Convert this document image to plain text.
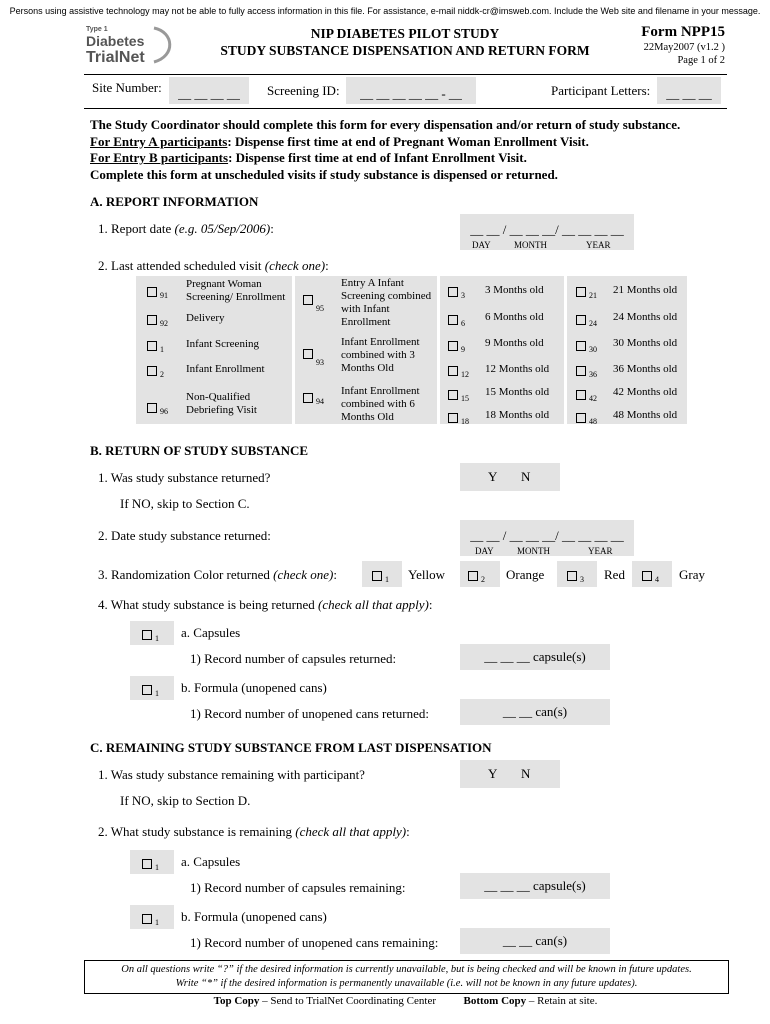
Persons using assistive technology may not be able to fully access information in this file. For assistance, e-mail niddk-cr@imsweb.com. Include the Web site and filename in your message.
Type 1
Diabetes
TrialNet
NIP DIABETES PILOT STUDY
STUDY SUBSTANCE DISPENSATION AND RETURN FORM
Form NPP15
22May2007 (v1.2 )
Page 1 of 2
Site Number:	__ __ __ __	Screening ID:	__ __ __ __ __ - __	Participant Letters:	__ __ __
The Study Coordinator should complete this form for every dispensation and/or return of study substance.
For Entry A participants: Dispense first time at end of Pregnant Woman Enrollment Visit.
For Entry B participants: Dispense first time at end of Infant Enrollment Visit.
Complete this form at unscheduled visits if study substance is dispensed or returned.
A. REPORT INFORMATION
1. Report date (e.g. 05/Sep/2006):	__ __ / __ __ __/ __ __ __ __
DAY	MONTH	YEAR
2. Last attended scheduled visit (check one):
$_{91}$
Pregnant Woman Screening/ Enrollment
$_{92}$ Delivery
$_1$ Infant Screening
$_2$ Infant Enrollment
$_{96}$
Non-Qualified Debriefing Visit
$_{95}$
Entry A Infant Screening combined with Infant Enrollment
$_{93}$
Infant Enrollment combined with 3 Months Old
$_{94}$
Infant Enrollment combined with 6 Months Old
$_3$ 3 Months old
$_6$
6 Months old
$_9$
9 Months old
$_{12}$ 12 Months old
$_{15}$
15 Months old
$_{18}$
18 Months old
$_{21}$ 21 Months old
$_{24}$
24 Months old
$_{30}$
30 Months old
$_{36}$ 36 Months old
$_{42}$
42 Months old
$_{48}$
48 Months old
B. RETURN OF STUDY SUBSTANCE
1. Was study substance returned?	Y N
If NO, skip to Section C.
2. Date study substance returned:	__ __ / __ __ __/ __ __ __ __
DAY	MONTH	YEAR
3. Randomization Color returned (check one):	$_1$ Yellow	$_2$ Orange	$_3$ Red	$_4$ Gray
4. What study substance is being returned (check all that apply):
$_1$ a. Capsules
1) Record number of capsules returned:	__ __ __ capsule(s)
$_1$ b. Formula (unopened cans)
1) Record number of unopened cans returned:	__ __ can(s)
C. REMAINING STUDY SUBSTANCE FROM LAST DISPENSATION
1. Was study substance remaining with participant?	Y N
If NO, skip to Section D.
2. What study substance is remaining (check all that apply):
$_1$ a. Capsules
1) Record number of capsules remaining:	__ __ __ capsule(s)
$_1$ b. Formula (unopened cans)
1) Record number of unopened cans remaining:	__ __ can(s)
On all questions write “?” if the desired information is currently unavailable, but is being checked and will be known in future updates.
Write “*” if the desired information is permanently unavailable (i.e. will not be known in any future updates).
Top Copy – Send to TrialNet Coordinating Center	Bottom Copy – Retain at site.
